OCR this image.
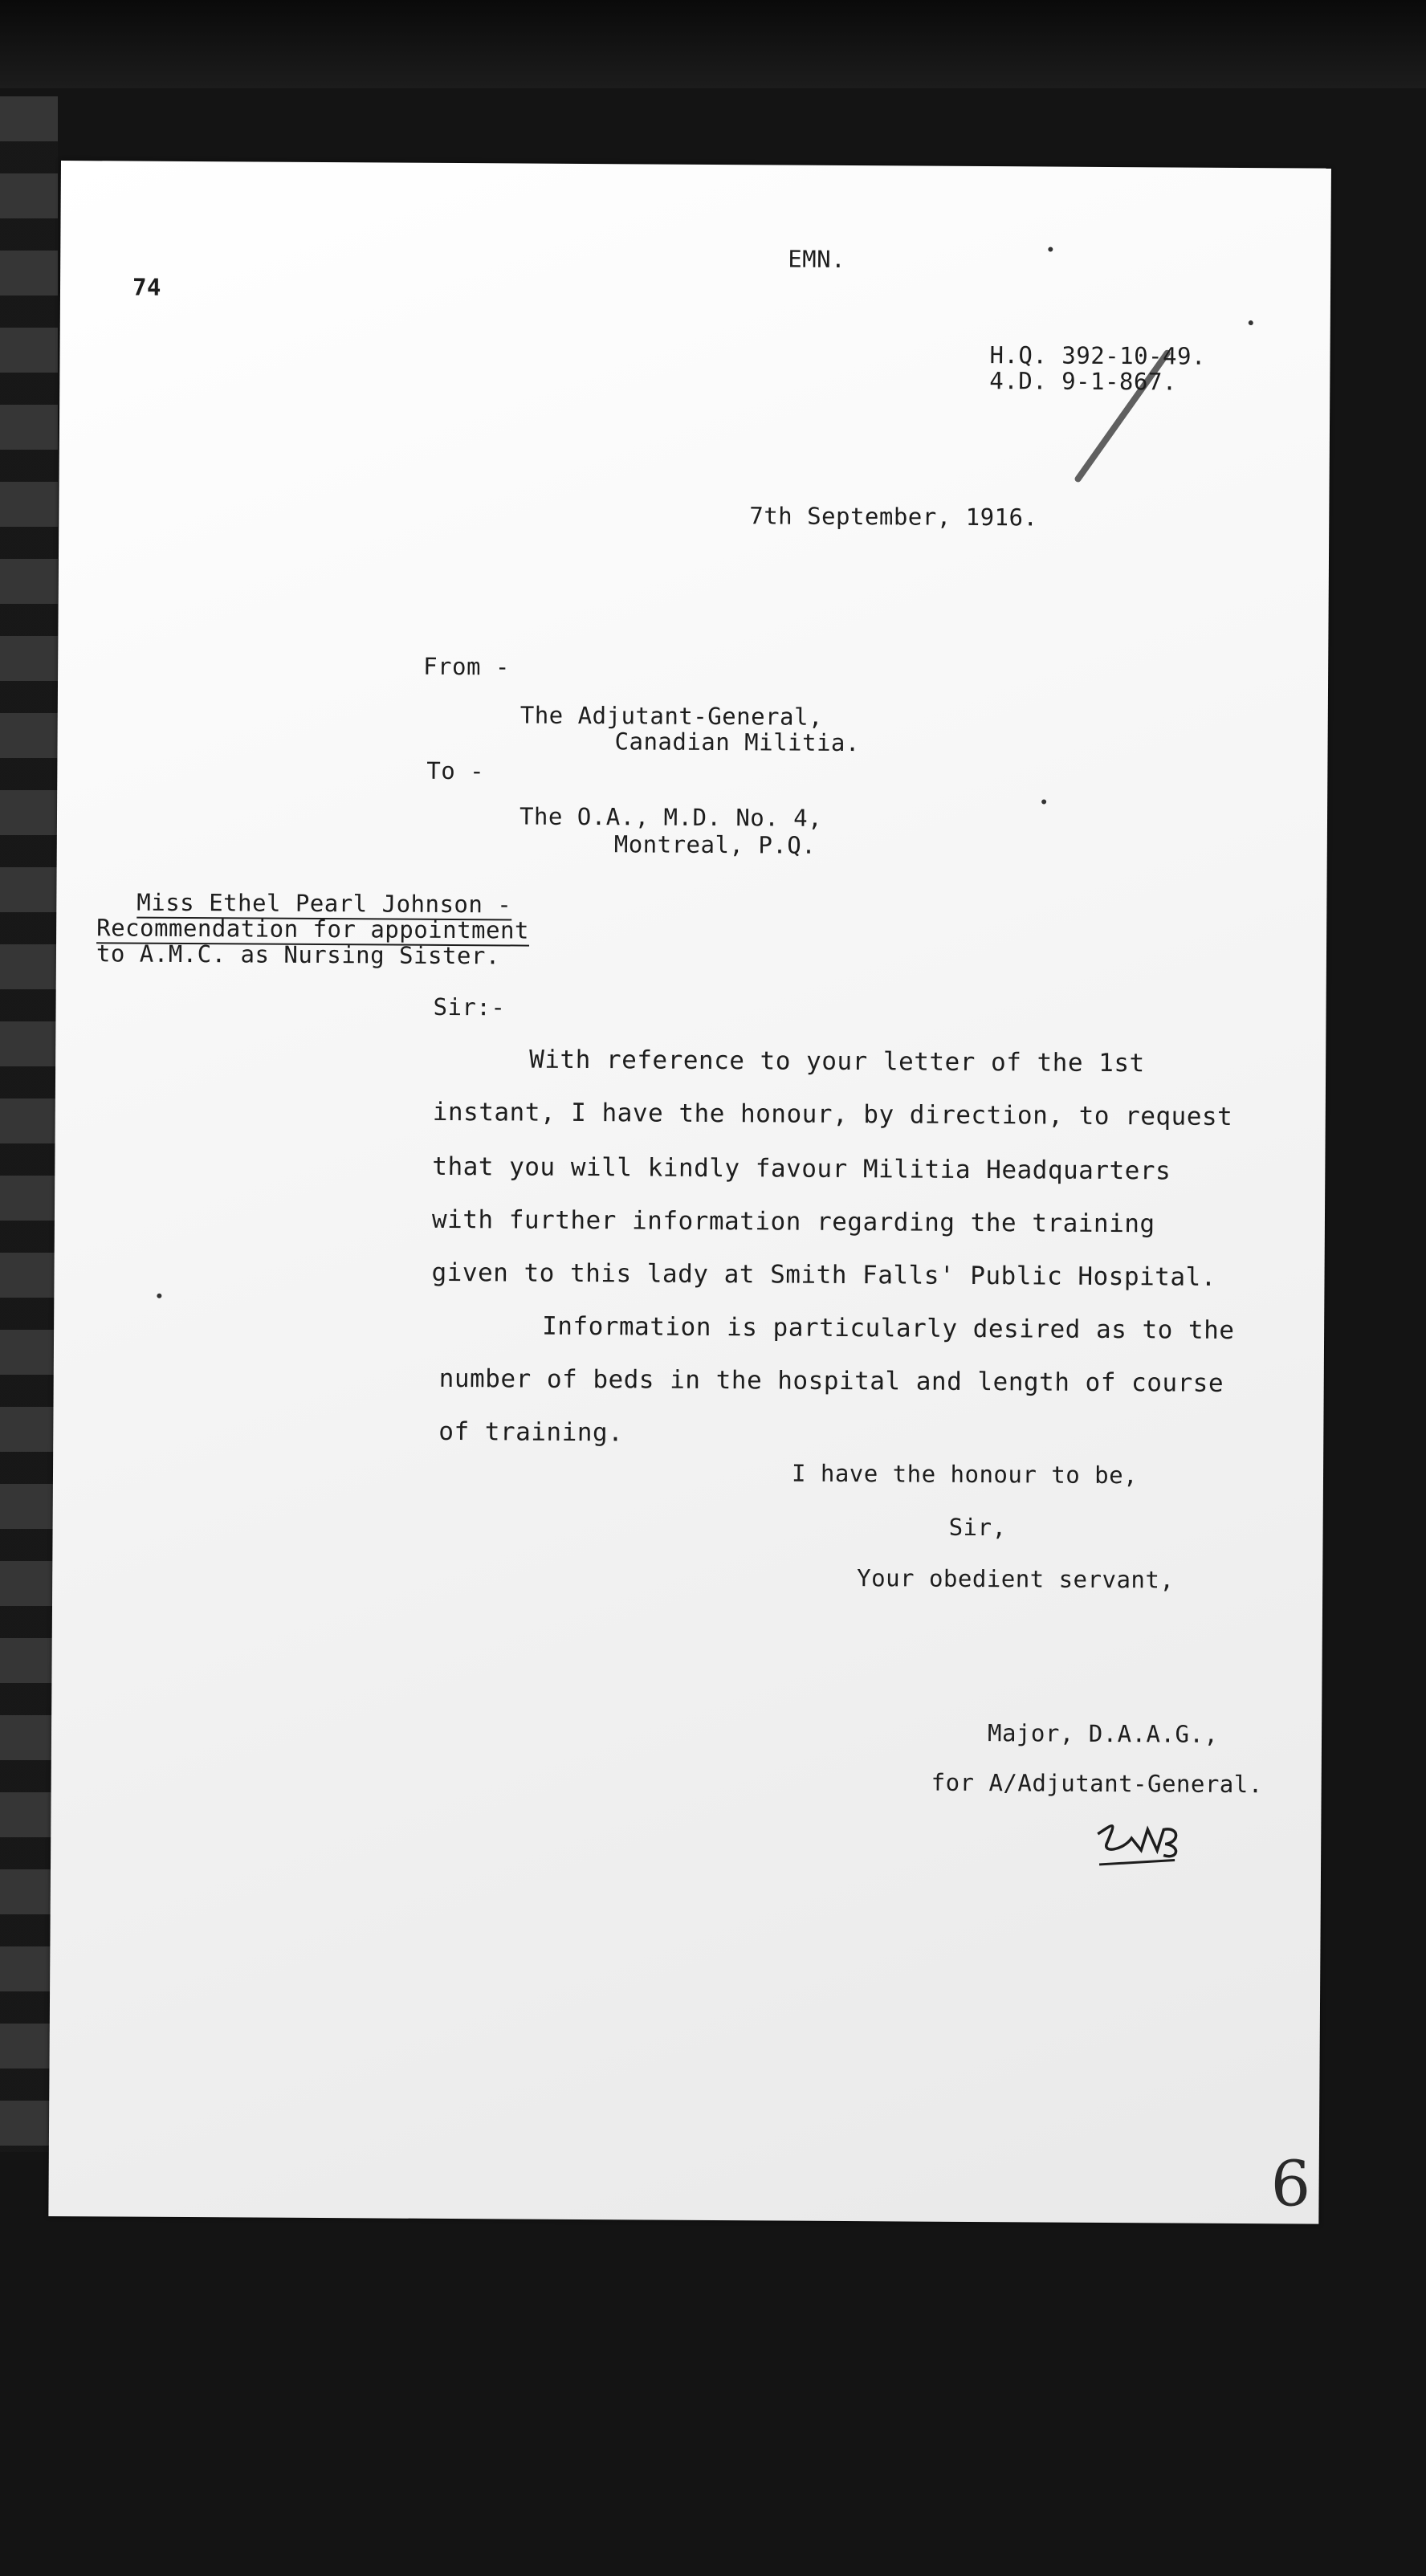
74
EMN.
H.Q. 392-10-49.
4.D. 9-1-867.
7th September, 1916.
From -
The Adjutant-General,
Canadian Militia.
To -
The O.A., M.D. No. 4,
Montreal, P.Q.
Miss Ethel Pearl Johnson -
Recommendation for appointment
to A.M.C. as Nursing Sister.
Sir:-
With reference to your letter of the 1st
instant, I have the honour, by direction, to request
that you will kindly favour Militia Headquarters
with further information regarding the training
given to this lady at Smith Falls' Public Hospital.
Information is particularly desired as to the
number of beds in the hospital and length of course
of training.
I have the honour to be,
Sir,
Your obedient servant,
Major, D.A.A.G.,
for A/Adjutant-General.
6
